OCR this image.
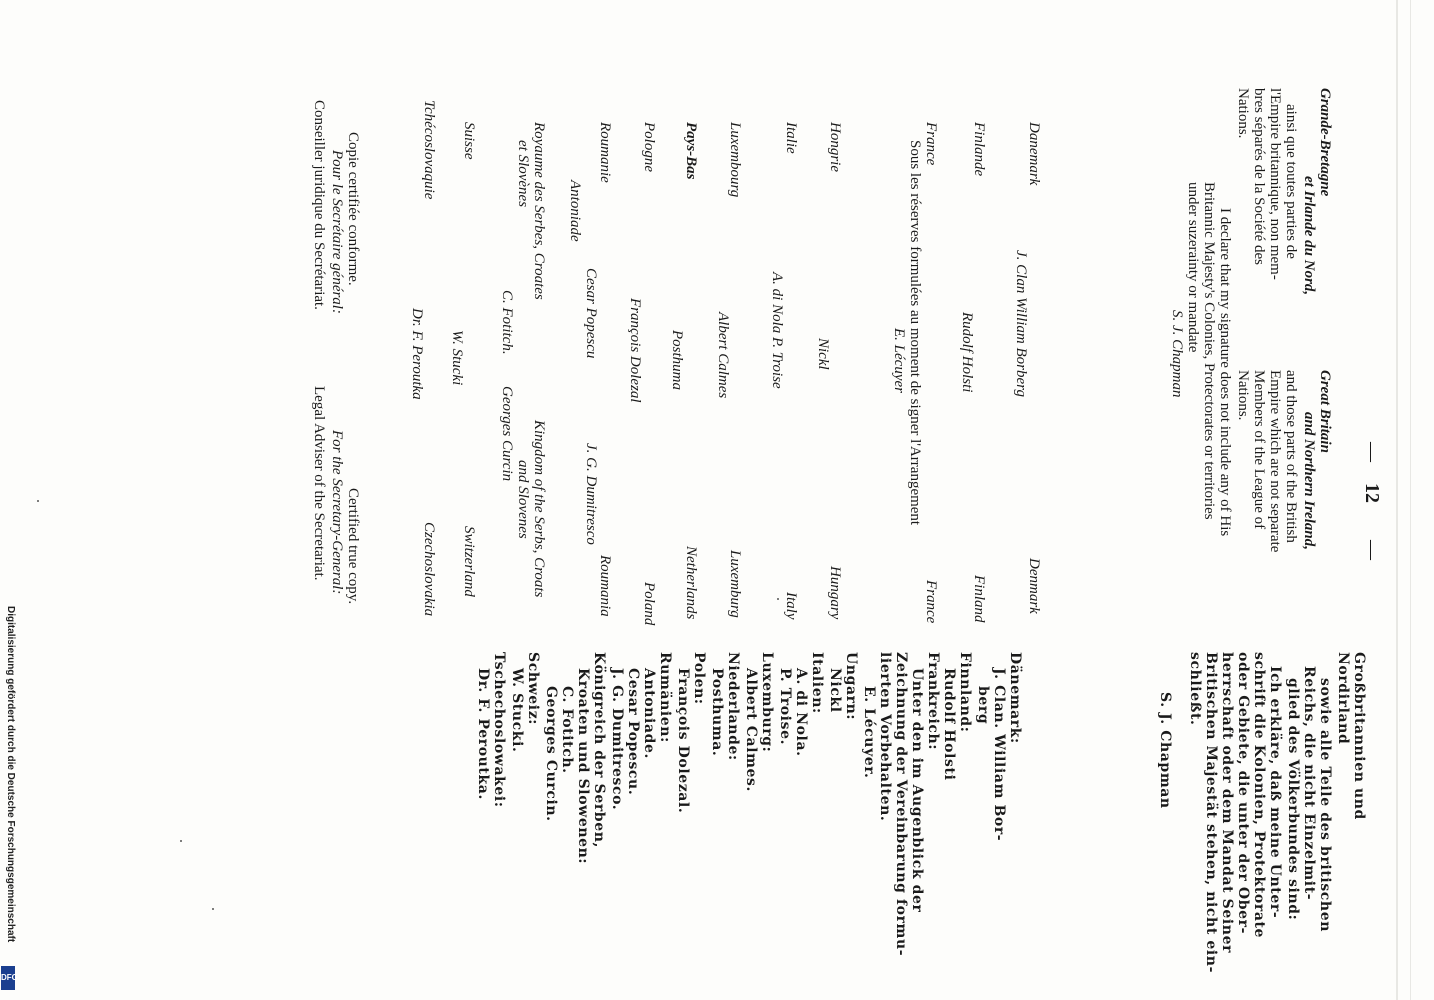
—
12
—
Grande-Bretagne
et Irlande du Nord,
ainsi que toutes parties de
l'Empire britannique, non mem-
bres séparés de la Société des
Nations.
Danemark
J. Clan William Borberg
Finlande
Rudolf Holsti
France
Sous les réserves formulées au moment de signer l'Arrangement
E. Lécuyer
Hongrie
Nickl
Italie
A. di Nola P. Troise
Luxembourg
Albert Calmes
Pays-Bas
Posthuma
Pologne
François Dolezal
Roumanie
Cesar Popescu
Antoniade
Royaume des Serbes, Croates
et Slovènes
C. Fotitch.
Suisse
W. Stucki
Tchécoslovaquie
Dr. F. Peroutka
Copie certifiée conforme.
Pour le Secrétaire général:
Conseiller juridique du Secrétariat.
Great Britain
and Northern Ireland,
and those parts of the British
Empire which are not separate
Members of the League of
Nations.
I declare that my signature does not include any of His
Britannic Majesty's Colonies, Protectorates or territories
under suzerainty or mandate
S. J. Chapman
Denmark
Finland
France
Hungary
Italy
Luxemburg
Netherlands
Poland
Roumania
J. G. Dumitresco
Kingdom of the Serbs, Croats
and Slovenes
Georges Curcin
Switzerland
Czechoslovakia
Certified true copy.
For the Secretary-General:
Legal Adviser of the Secretariat.
Großbritannien und
Nordirland
sowie alle Teile des britischen
Reichs, die nicht Einzelmit-
glied des Völkerbundes sind:
Ich erkläre, daß meine Unter-
schrift die Kolonien, Protektorate
oder Gebiete, die unter der Ober-
herrschaft oder dem Mandat Seiner
Britischen Majestät stehen, nicht ein-
schließt.
S. J. Chapman
Dänemark:
J. Clan. William Bor-
berg
Finnland:
Rudolf Holsti
Frankreich:
Unter den im Augenblick der
Zeichnung der Vereinbarung formu-
lierten Vorbehalten.
E. Lécuyer.
Ungarn:
Nickl
Italien:
A. di Nola.
P. Troise.
Luxemburg:
Albert Calmes.
Niederlande:
Posthuma.
Polen:
François Dolezal.
Rumänien:
Antoniade.
Cesar Popescu.
J. G. Dumitresco.
Königreich der Serben,
Kroaten und Slowenen:
C. Fotitch.
Georges Curcin.
Schweiz:
W. Stucki.
Tschechoslowakei:
Dr. F. Peroutka.
Digitalisierung gefördert durch die Deutsche Forschungsgemeinschaft
DFG
